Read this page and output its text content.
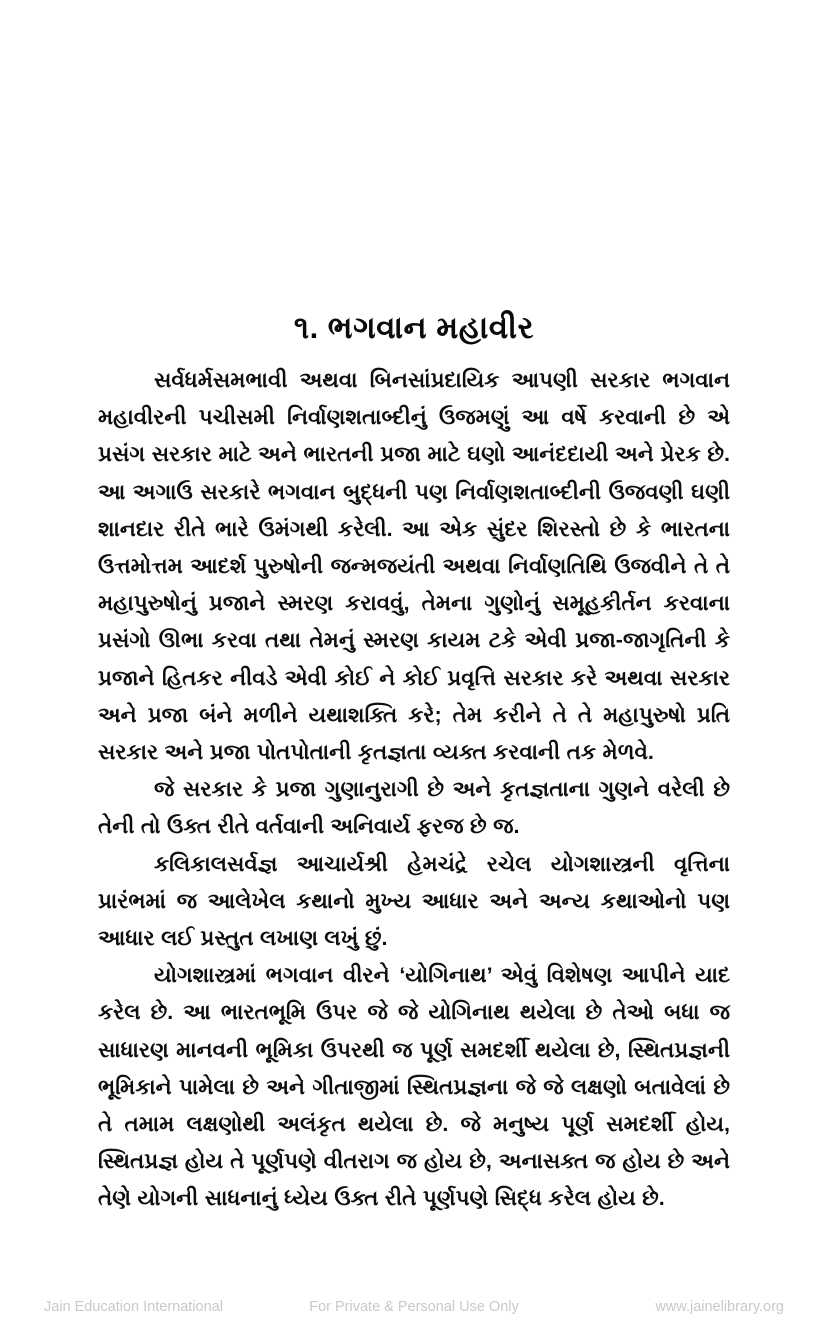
૧. ભગવાન મહાવીર

સર્વધર્મસમભાવી અથવા બિનસાંપ્રદાયિક આપણી સરકાર ભગવાન મહાવીરની પચીસમી નિર્વાણશતાબ્દીનું ઉજમણું આ વર્ષે કરવાની છે એ પ્રસંગ સરકાર માટે અને ભારતની પ્રજા માટે ઘણો આનંદદાયી અને પ્રેરક છે. આ અગાઉ સરકારે ભગવાન બુદ્ધની પણ નિર્વાણશતાબ્દીની ઉજવણી ઘણી શાનદાર રીતે ભારે ઉમંગથી કરેલી. આ એક સુંદર શિરસ્તો છે કે ભારતના ઉત્તમોત્તમ આદર્શ પુરુષોની જન્મજયંતી અથવા નિર્વાણતિથિ ઉજવીને તે તે મહાપુરુષોનું પ્રજાને સ્મરણ કરાવવું, તેમના ગુણોનું સમૂહકીર્તન કરવાના પ્રસંગો ઊભા કરવા તથા તેમનું સ્મરણ કાયમ ટકે એવી પ્રજા-જાગૃતિની કે પ્રજાને હિતકર નીવડે એવી કોઈ ને કોઈ પ્રવૃત્તિ સરકાર કરે અથવા સરકાર અને પ્રજા બંને મળીને યથાશક્તિ કરે; તેમ કરીને તે તે મહાપુરુષો પ્રતિ સરકાર અને પ્રજા પોતપોતાની કૃતજ્ઞતા વ્યક્ત કરવાની તક મેળવે.

જે સરકાર કે પ્રજા ગુણાનુરાગી છે અને કૃતજ્ઞતાના ગુણને વરેલી છે તેની તો ઉક્ત રીતે વર્તવાની અનિવાર્ય ફરજ છે જ.

કલિકાલસર્વજ્ઞ આચાર્યશ્રી હેમચંદ્રે રચેલ યોગશાસ્ત્રની વૃત્તિના પ્રારંભમાં જ આલેખેલ કથાનો મુખ્ય આધાર અને અન્ય કથાઓનો પણ આધાર લઈ પ્રસ્તુત લખાણ લખું છું.

યોગશાસ્ત્રમાં ભગવાન વીરને ‘યોગિનાથ’ એવું વિશેષણ આપીને યાદ કરેલ છે. આ ભારતભૂમિ ઉપર જે જે યોગિનાથ થયેલા છે તેઓ બધા જ સાધારણ માનવની ભૂમિકા ઉપરથી જ પૂર્ણ સમદર્શી થયેલા છે, સ્થિતપ્રજ્ઞની ભૂમિકાને પામેલા છે અને ગીતાજીમાં સ્થિતપ્રજ્ઞના જે જે લક્ષણો બતાવેલાં છે તે તમામ લક્ષણોથી અલંકૃત થયેલા છે. જે મનુષ્ય પૂર્ણ સમદર્શી હોય, સ્થિતપ્રજ્ઞ હોય તે પૂર્ણપણે વીતરાગ જ હોય છે, અનાસક્ત જ હોય છે અને તેણે યોગની સાધનાનું ધ્યેય ઉક્ત રીતે પૂર્ણપણે સિદ્ધ કરેલ હોય છે.

Jain Education International	For Private & Personal Use Only	www.jainelibrary.org
